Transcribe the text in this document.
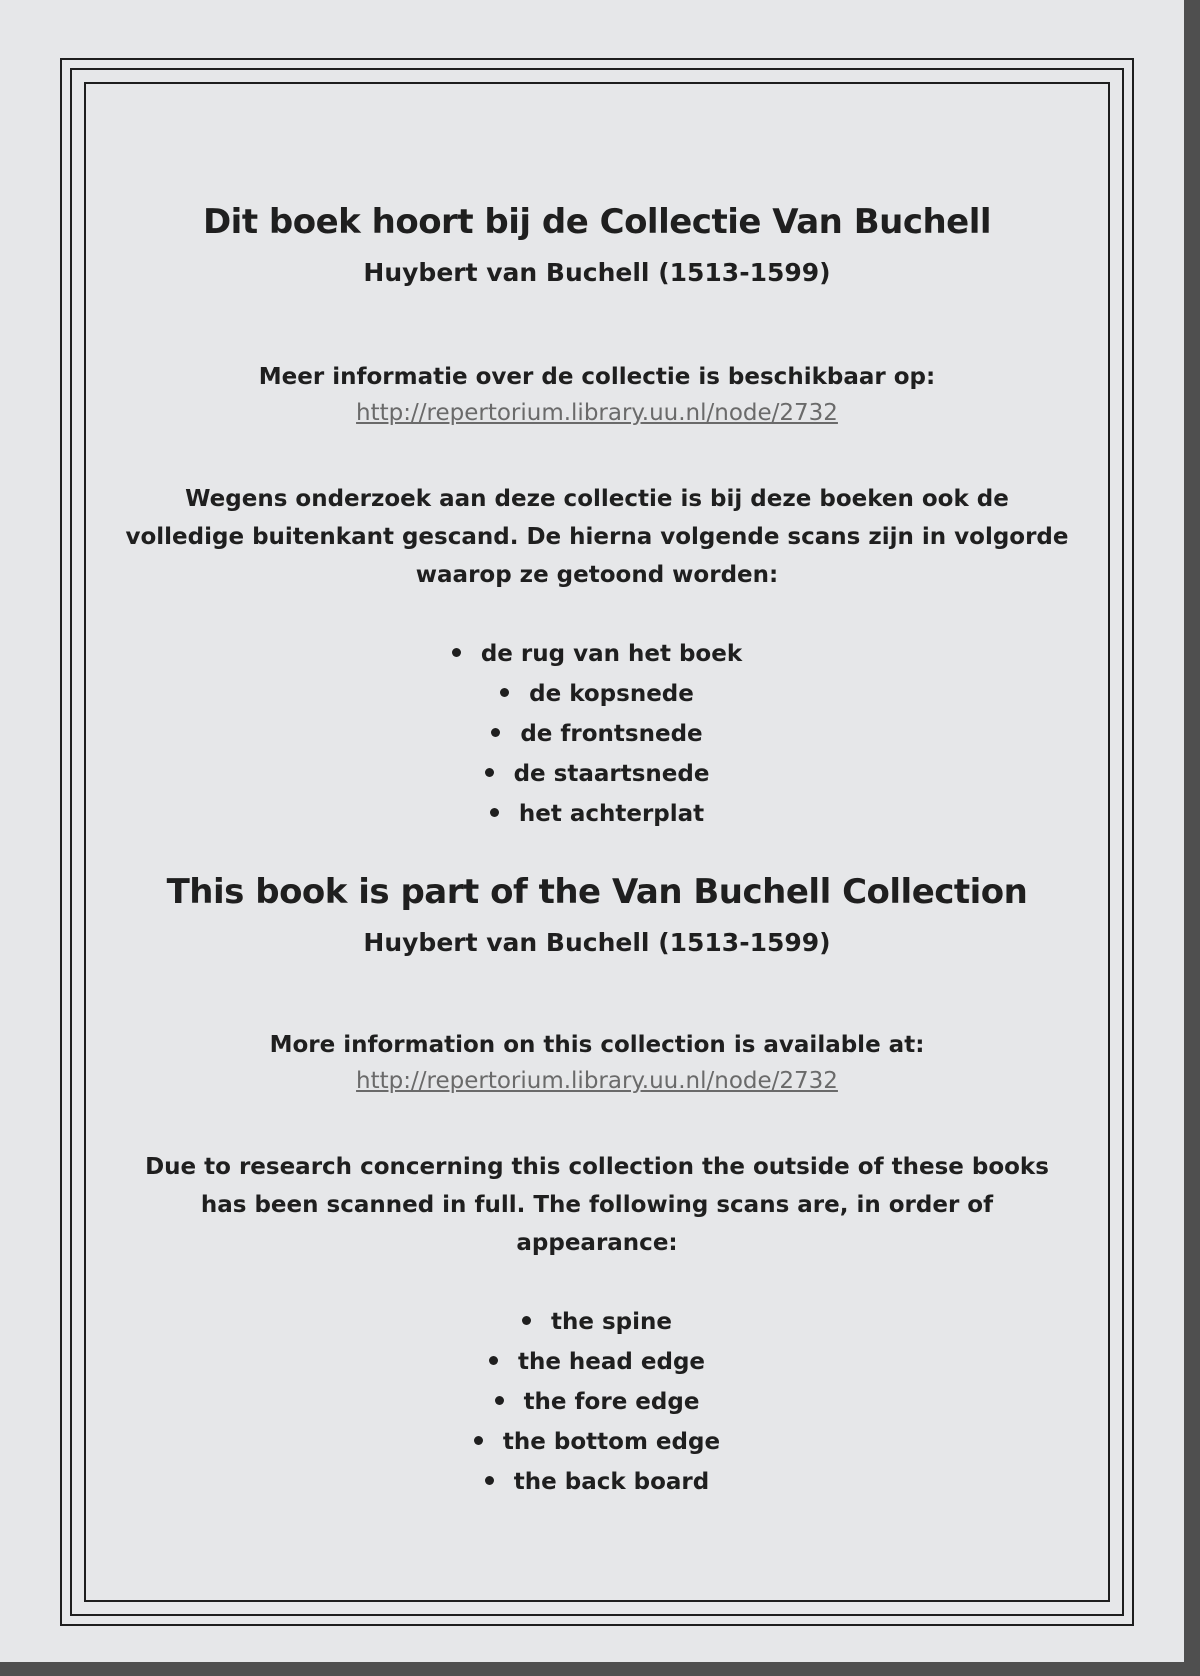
Dit boek hoort bij de Collectie Van Buchell
Huybert van Buchell (1513-1599)

Meer informatie over de collectie is beschikbaar op:

http://repertorium.library.uu.nl/node/2732

Wegens onderzoek aan deze collectie is bij deze boeken ook de volledige buitenkant gescand. De hierna volgende scans zijn in volgorde waarop ze getoond worden:

de rug van het boek
de kopsnede
de frontsnede
de staartsnede
het achterplat
This book is part of the Van Buchell Collection
Huybert van Buchell (1513-1599)

More information on this collection is available at:

http://repertorium.library.uu.nl/node/2732

Due to research concerning this collection the outside of these books has been scanned in full. The following scans are, in order of appearance:

the spine
the head edge
the fore edge
the bottom edge
the back board
